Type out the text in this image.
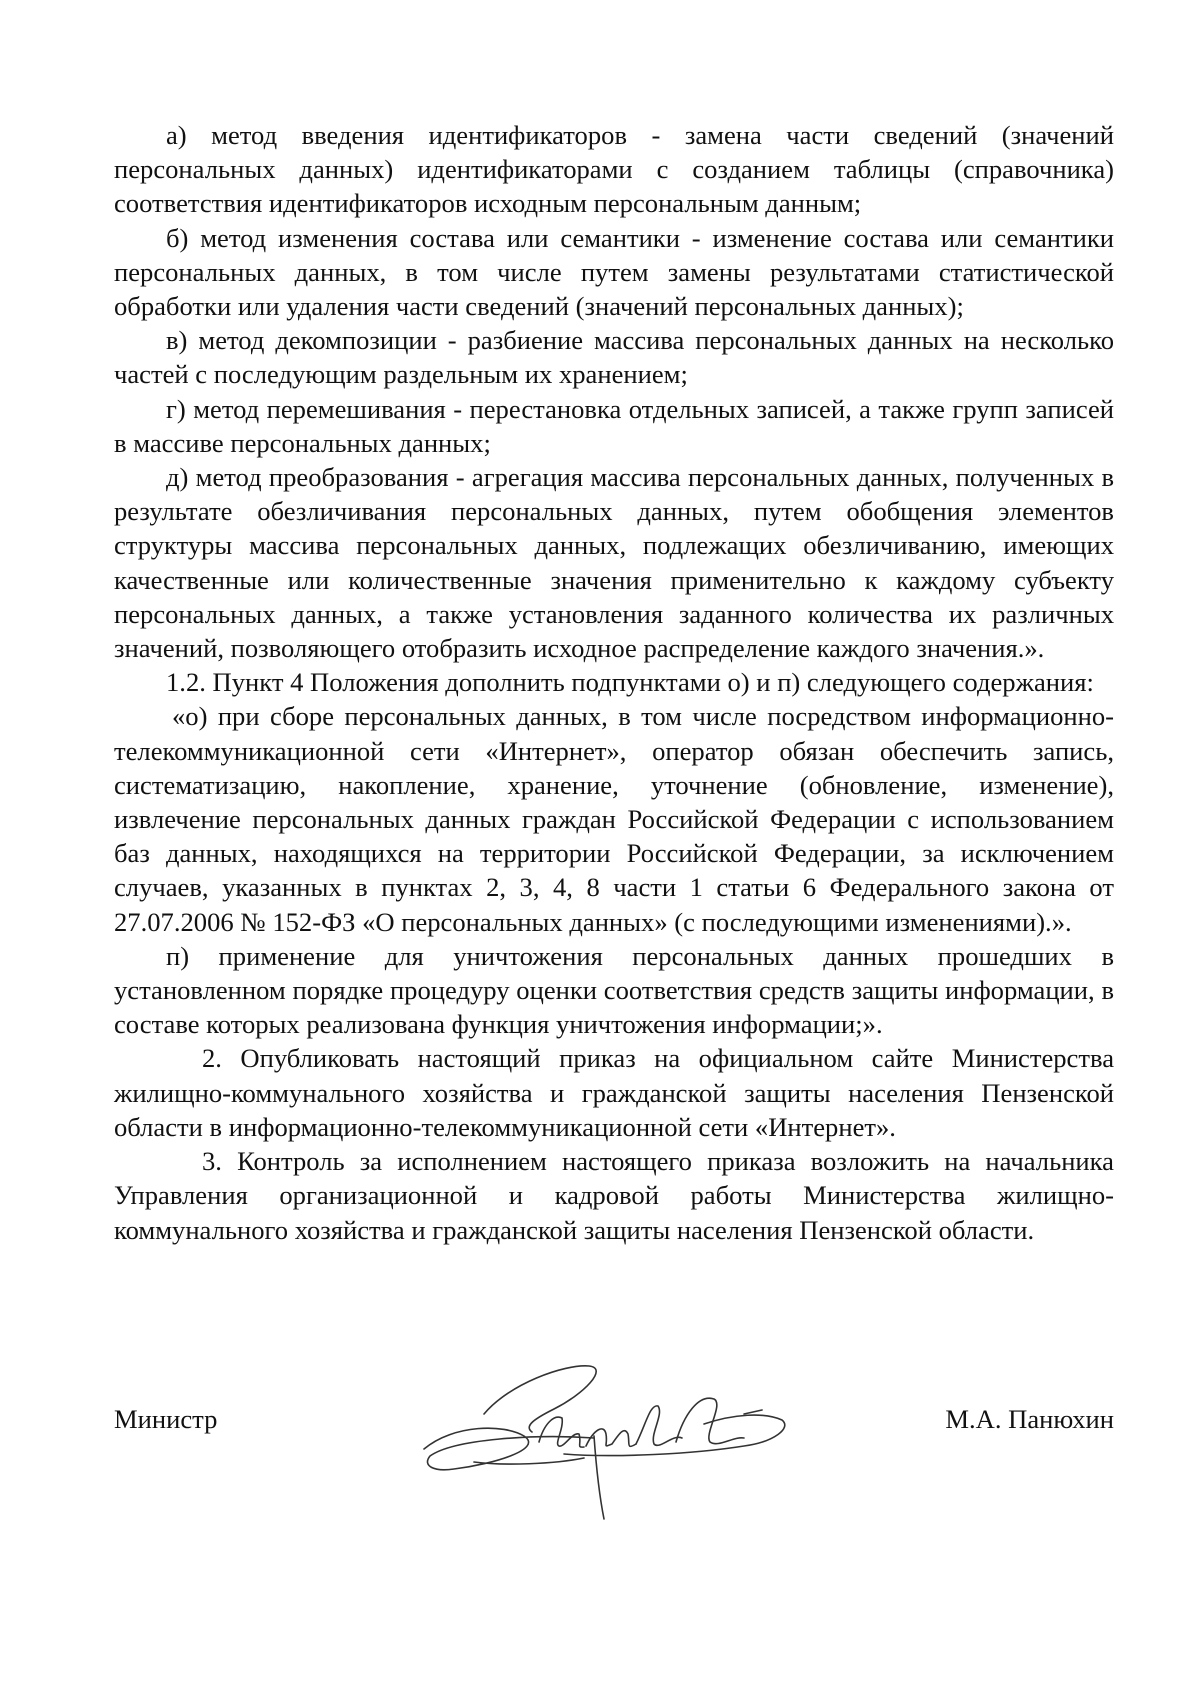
а) метод введения идентификаторов - замена части сведений (значений персональных данных) идентификаторами с созданием таблицы (справочника) соответствия идентификаторов исходным персональным данным;

б) метод изменения состава или семантики - изменение состава или семантики персональных данных, в том числе путем замены результатами статистической обработки или удаления части сведений (значений персональных данных);

в) метод декомпозиции - разбиение массива персональных данных на несколько частей с последующим раздельным их хранением;

г) метод перемешивания - перестановка отдельных записей, а также групп записей в массиве персональных данных;

д) метод преобразования - агрегация массива персональных данных, полученных в результате обезличивания персональных данных, путем обобщения элементов структуры массива персональных данных, подлежащих обезличиванию, имеющих качественные или количественные значения применительно к каждому субъекту персональных данных, а также установления заданного количества их различных значений, позволяющего отобразить исходное распределение каждого значения.».

1.2. Пункт 4 Положения дополнить подпунктами о) и п) следующего содержания:

«о) при сборе персональных данных, в том числе посредством информационно-телекоммуникационной сети «Интернет», оператор обязан обеспечить запись, систематизацию, накопление, хранение, уточнение (обновление, изменение), извлечение персональных данных граждан Российской Федерации с использованием баз данных, находящихся на территории Российской Федерации, за исключением случаев, указанных в пунктах 2, 3, 4, 8 части 1 статьи 6 Федерального закона от 27.07.2006 № 152-ФЗ «О персональных данных» (с последующими изменениями).».

п) применение для уничтожения персональных данных прошедших в установленном порядке процедуру оценки соответствия средств защиты информации, в составе которых реализована функция уничтожения информации;».

2. Опубликовать настоящий приказ на официальном сайте Министерства жилищно-коммунального хозяйства и гражданской защиты населения Пензенской области в информационно-телекоммуникационной сети «Интернет».

3. Контроль за исполнением настоящего приказа возложить на начальника Управления организационной и кадровой работы Министерства жилищно-коммунального хозяйства и гражданской защиты населения Пензенской области.

Министр	М.А. Панюхин
